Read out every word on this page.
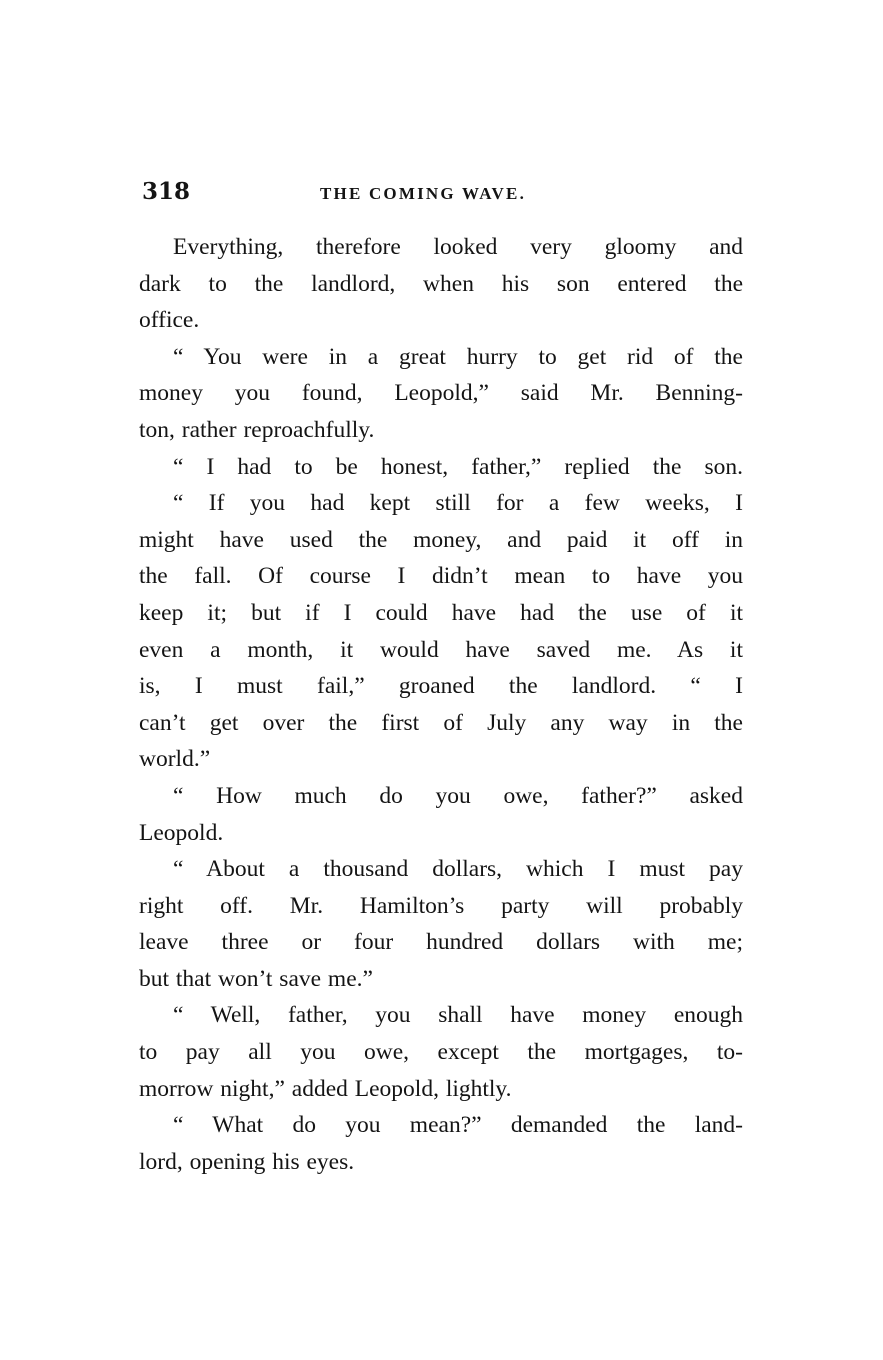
318	THE COMING WAVE.
Everything, therefore looked very gloomy and
dark to the landlord, when his son entered the
office.
“ You were in a great hurry to get rid of the
money you found, Leopold,” said Mr. Benning-
ton, rather reproachfully.
“ I had to be honest, father,” replied the son.
“ If you had kept still for a few weeks, I
might have used the money, and paid it off in
the fall. Of course I didn’t mean to have you
keep it; but if I could have had the use of it
even a month, it would have saved me. As it
is, I must fail,” groaned the landlord. “ I
can’t get over the first of July any way in the
world.”
“ How much do you owe, father?” asked
Leopold.
“ About a thousand dollars, which I must pay
right off. Mr. Hamilton’s party will probably
leave three or four hundred dollars with me;
but that won’t save me.”
“ Well, father, you shall have money enough
to pay all you owe, except the mortgages, to-
morrow night,” added Leopold, lightly.
“ What do you mean?” demanded the land-
lord, opening his eyes.
